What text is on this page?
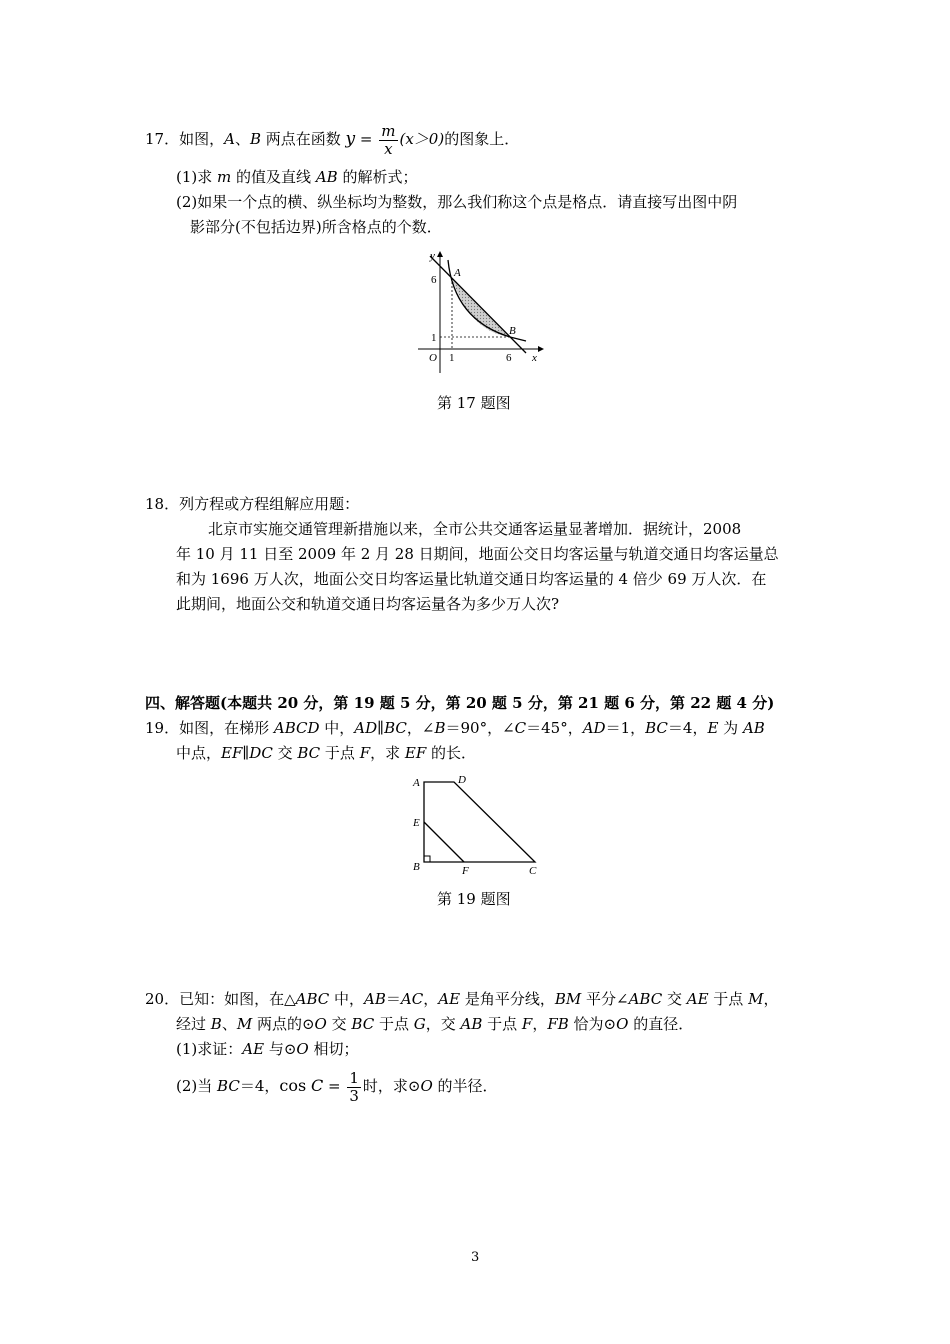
17．如图，A、B 两点在函数 $y = \frac{m}{x} (x>0)$的图象上．
(1)求 m 的值及直线 AB 的解析式；
(2)如果一个点的横、纵坐标均为整数，那么我们称这个点是格点．请直接写出图中阴
影部分(不包括边界)所含格点的个数．
y
6
A
1
B
O 1	6 x
第 17 题图
18．列方程或方程组解应用题：
北京市实施交通管理新措施以来，全市公共交通客运量显著增加．据统计，2008
年 10 月 11 日至 2009 年 2 月 28 日期间，地面公交日均客运量与轨道交通日均客运量总
和为 1696 万人次，地面公交日均客运量比轨道交通日均客运量的 4 倍少 69 万人次．在
此期间，地面公交和轨道交通日均客运量各为多少万人次?
四、解答题(本题共 20 分，第 19 题 5 分，第 20 题 5 分，第 21 题 6 分，第 22 题 4 分)
19．如图，在梯形 ABCD 中，AD∥BC，∠B＝90°，∠C＝45°，AD＝1，BC＝4，E 为 AB
中点，EF∥DC 交 BC 于点 F，求 EF 的长．
A	D
E
B	F	C
第 19 题图
20．已知：如图，在△ABC 中，AB＝AC，AE 是角平分线，BM 平分∠ABC 交 AE 于点 M，
经过 B、M 两点的⊙O 交 BC 于点 G，交 AB 于点 F，FB 恰为⊙O 的直径．
(1)求证：AE 与⊙O 相切；
(2)当 BC＝4，$\cos C = \frac{1}{3}$ 时，求⊙O 的半径．
3
